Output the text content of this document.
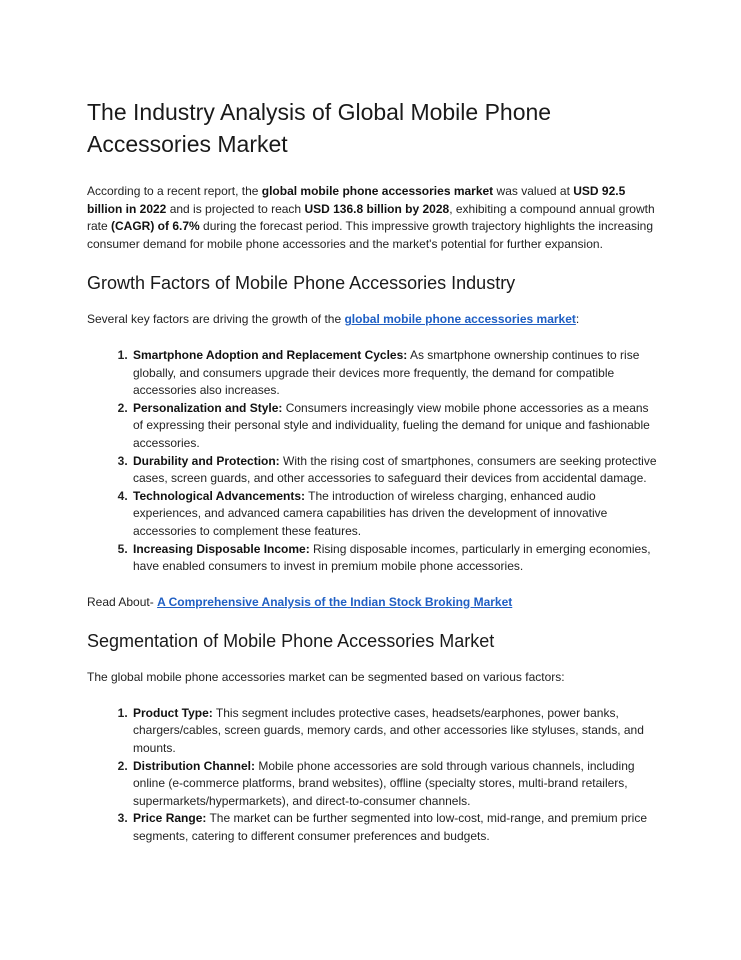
The Industry Analysis of Global Mobile Phone Accessories Market

According to a recent report, the global mobile phone accessories market was valued at USD 92.5 billion in 2022 and is projected to reach USD 136.8 billion by 2028, exhibiting a compound annual growth rate (CAGR) of 6.7% during the forecast period. This impressive growth trajectory highlights the increasing consumer demand for mobile phone accessories and the market's potential for further expansion.

Growth Factors of Mobile Phone Accessories Industry

Several key factors are driving the growth of the global mobile phone accessories market:

1. Smartphone Adoption and Replacement Cycles: As smartphone ownership continues to rise globally, and consumers upgrade their devices more frequently, the demand for compatible accessories also increases.
2. Personalization and Style: Consumers increasingly view mobile phone accessories as a means of expressing their personal style and individuality, fueling the demand for unique and fashionable accessories.
3. Durability and Protection: With the rising cost of smartphones, consumers are seeking protective cases, screen guards, and other accessories to safeguard their devices from accidental damage.
4. Technological Advancements: The introduction of wireless charging, enhanced audio experiences, and advanced camera capabilities has driven the development of innovative accessories to complement these features.
5. Increasing Disposable Income: Rising disposable incomes, particularly in emerging economies, have enabled consumers to invest in premium mobile phone accessories.

Read About- A Comprehensive Analysis of the Indian Stock Broking Market

Segmentation of Mobile Phone Accessories Market

The global mobile phone accessories market can be segmented based on various factors:

1. Product Type: This segment includes protective cases, headsets/earphones, power banks, chargers/cables, screen guards, memory cards, and other accessories like styluses, stands, and mounts.
2. Distribution Channel: Mobile phone accessories are sold through various channels, including online (e-commerce platforms, brand websites), offline (specialty stores, multi-brand retailers, supermarkets/hypermarkets), and direct-to-consumer channels.
3. Price Range: The market can be further segmented into low-cost, mid-range, and premium price segments, catering to different consumer preferences and budgets.
